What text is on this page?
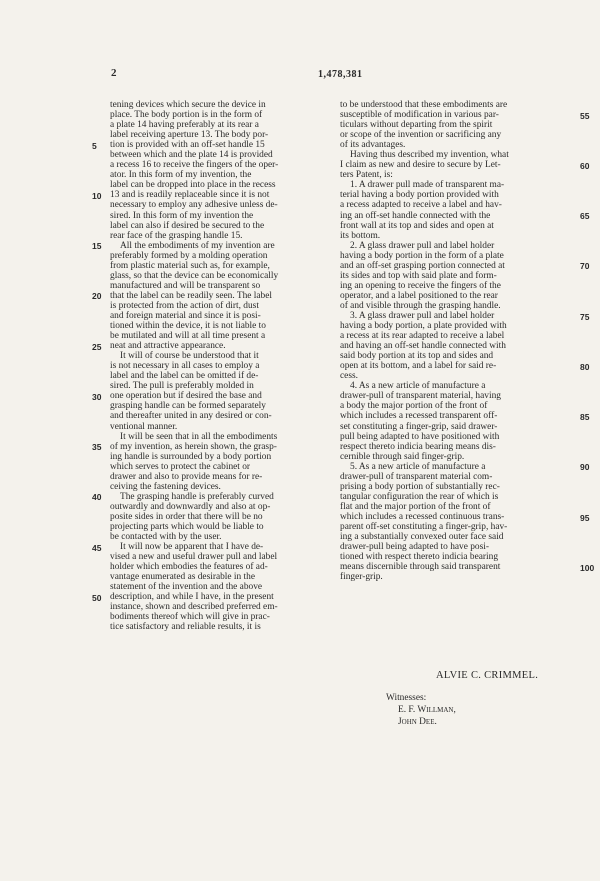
2	1,478,381
tening devices which secure the device in
place. The body portion is in the form of
a plate 14 having preferably at its rear a
label receiving aperture 13. The body por-
tion is provided with an off-set handle 15
between which and the plate 14 is provided
a recess 16 to receive the fingers of the oper-
ator. In this form of my invention, the
label can be dropped into place in the recess
13 and is readily replaceable since it is not
necessary to employ any adhesive unless de-
sired. In this form of my invention the
label can also if desired be secured to the
rear face of the grasping handle 15.
All the embodiments of my invention are
preferably formed by a molding operation
from plastic material such as, for example,
glass, so that the device can be economically
manufactured and will be transparent so
that the label can be readily seen. The label
is protected from the action of dirt, dust
and foreign material and since it is posi-
tioned within the device, it is not liable to
be mutilated and will at all time present a
neat and attractive appearance.
It will of course be understood that it
is not necessary in all cases to employ a
label and the label can be omitted if de-
sired. The pull is preferably molded in
one operation but if desired the base and
grasping handle can be formed separately
and thereafter united in any desired or con-
ventional manner.
It will be seen that in all the embodiments
of my invention, as herein shown, the grasp-
ing handle is surrounded by a body portion
which serves to protect the cabinet or
drawer and also to provide means for re-
ceiving the fastening devices.
The grasping handle is preferably curved
outwardly and downwardly and also at op-
posite sides in order that there will be no
projecting parts which would be liable to
be contacted with by the user.
It will now be apparent that I have de-
vised a new and useful drawer pull and label
holder which embodies the features of ad-
vantage enumerated as desirable in the
statement of the invention and the above
description, and while I have, in the present
instance, shown and described preferred em-
bodiments thereof which will give in prac-
tice satisfactory and reliable results, it is
to be understood that these embodiments are
susceptible of modification in various par-
ticulars without departing from the spirit
or scope of the invention or sacrificing any
of its advantages.
Having thus described my invention, what
I claim as new and desire to secure by Let-
ters Patent, is:
1. A drawer pull made of transparent ma-
terial having a body portion provided with
a recess adapted to receive a label and hav-
ing an off-set handle connected with the
front wall at its top and sides and open at
its bottom.
2. A glass drawer pull and label holder
having a body portion in the form of a plate
and an off-set grasping portion connected at
its sides and top with said plate and form-
ing an opening to receive the fingers of the
operator, and a label positioned to the rear
of and visible through the grasping handle.
3. A glass drawer pull and label holder
having a body portion, a plate provided with
a recess at its rear adapted to receive a label
and having an off-set handle connected with
said body portion at its top and sides and
open at its bottom, and a label for said re-
cess.
4. As a new article of manufacture a
drawer-pull of transparent material, having
a body the major portion of the front of
which includes a recessed transparent off-
set constituting a finger-grip, said drawer-
pull being adapted to have positioned with
respect thereto indicia bearing means dis-
cernible through said finger-grip.
5. As a new article of manufacture a
drawer-pull of transparent material com-
prising a body portion of substantially rec-
tangular configuration the rear of which is
flat and the major portion of the front of
which includes a recessed continuous trans-
parent off-set constituting a finger-grip, hav-
ing a substantially convexed outer face said
drawer-pull being adapted to have posi-
tioned with respect thereto indicia bearing
means discernible through said transparent
finger-grip.
5
10
15
20
25
30
35
40
45
50
55
60
65
70
75
80
85
90
95
100
ALVIE C. CRIMMEL.
Witnesses:
E. F. Willman,
John Dee.
